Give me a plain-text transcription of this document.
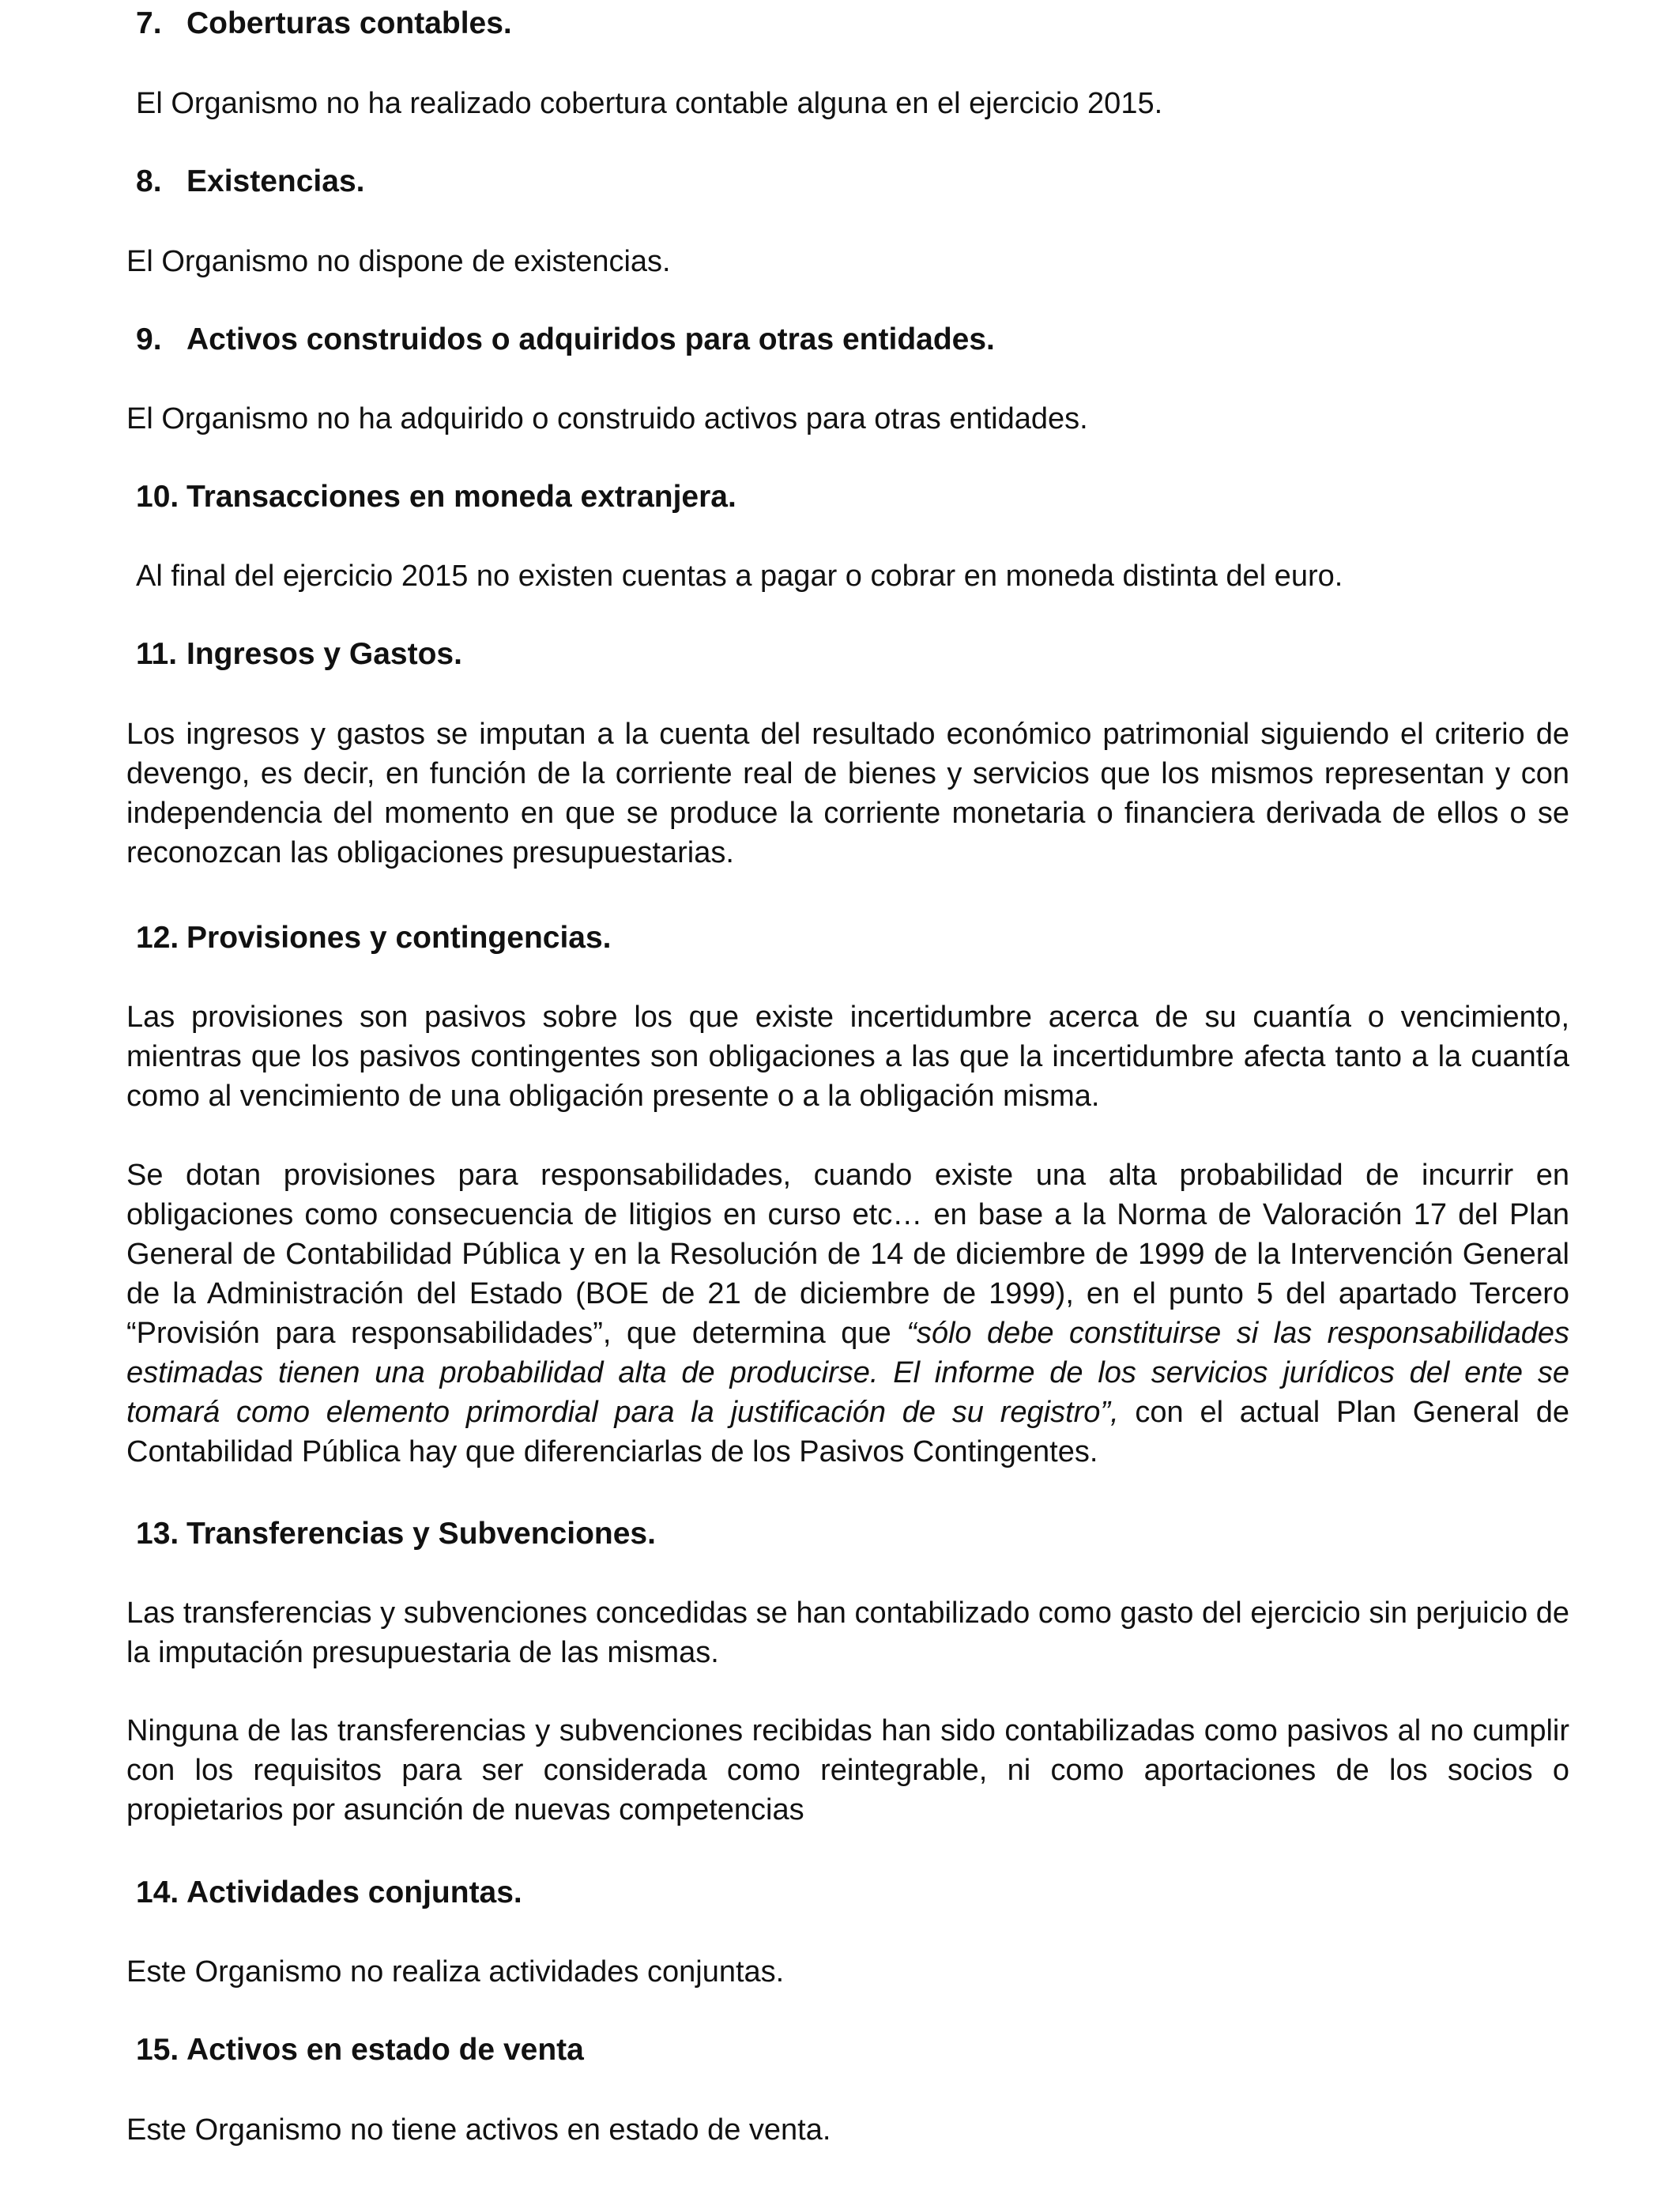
7. Coberturas contables.

El Organismo no ha realizado cobertura contable alguna en el ejercicio 2015.

8. Existencias.

El Organismo no dispone de existencias.

9. Activos construidos o adquiridos para otras entidades.

El Organismo no ha adquirido o construido activos para otras entidades.

10. Transacciones en moneda extranjera.

Al final del ejercicio 2015 no existen cuentas a pagar o cobrar en moneda distinta del euro.

11. Ingresos y Gastos.

Los ingresos y gastos se imputan a la cuenta del resultado económico patrimonial siguiendo el criterio de devengo, es decir, en función de la corriente real de bienes y servicios que los mismos representan y con independencia del momento en que se produce la corriente monetaria o financiera derivada de ellos o se reconozcan las obligaciones presupuestarias.

12. Provisiones y contingencias.

Las provisiones son pasivos sobre los que existe incertidumbre acerca de su cuantía o vencimiento, mientras que los pasivos contingentes son obligaciones a las que la incertidumbre afecta tanto a la cuantía como al vencimiento de una obligación presente o a la obligación misma.

Se dotan provisiones para responsabilidades, cuando existe una alta probabilidad de incurrir en obligaciones como consecuencia de litigios en curso etc… en base a la Norma de Valoración 17 del Plan General de Contabilidad Pública y en la Resolución de 14 de diciembre de 1999 de la Intervención General de la Administración del Estado (BOE de 21 de diciembre de 1999), en el punto 5 del apartado Tercero “Provisión para responsabilidades”, que determina que “sólo debe constituirse si las responsabilidades estimadas tienen una probabilidad alta de producirse. El informe de los servicios jurídicos del ente se tomará como elemento primordial para la justificación de su registro”, con el actual Plan General de Contabilidad Pública hay que diferenciarlas de los Pasivos Contingentes.

13. Transferencias y Subvenciones.

Las transferencias y subvenciones concedidas se han contabilizado como gasto del ejercicio sin perjuicio de la imputación presupuestaria de las mismas.

Ninguna de las transferencias y subvenciones recibidas han sido contabilizadas como pasivos al no cumplir con los requisitos para ser considerada como reintegrable, ni como aportaciones de los socios o propietarios por asunción de nuevas competencias

14. Actividades conjuntas.

Este Organismo no realiza actividades conjuntas.

15. Activos en estado de venta

Este Organismo no tiene activos en estado de venta.
